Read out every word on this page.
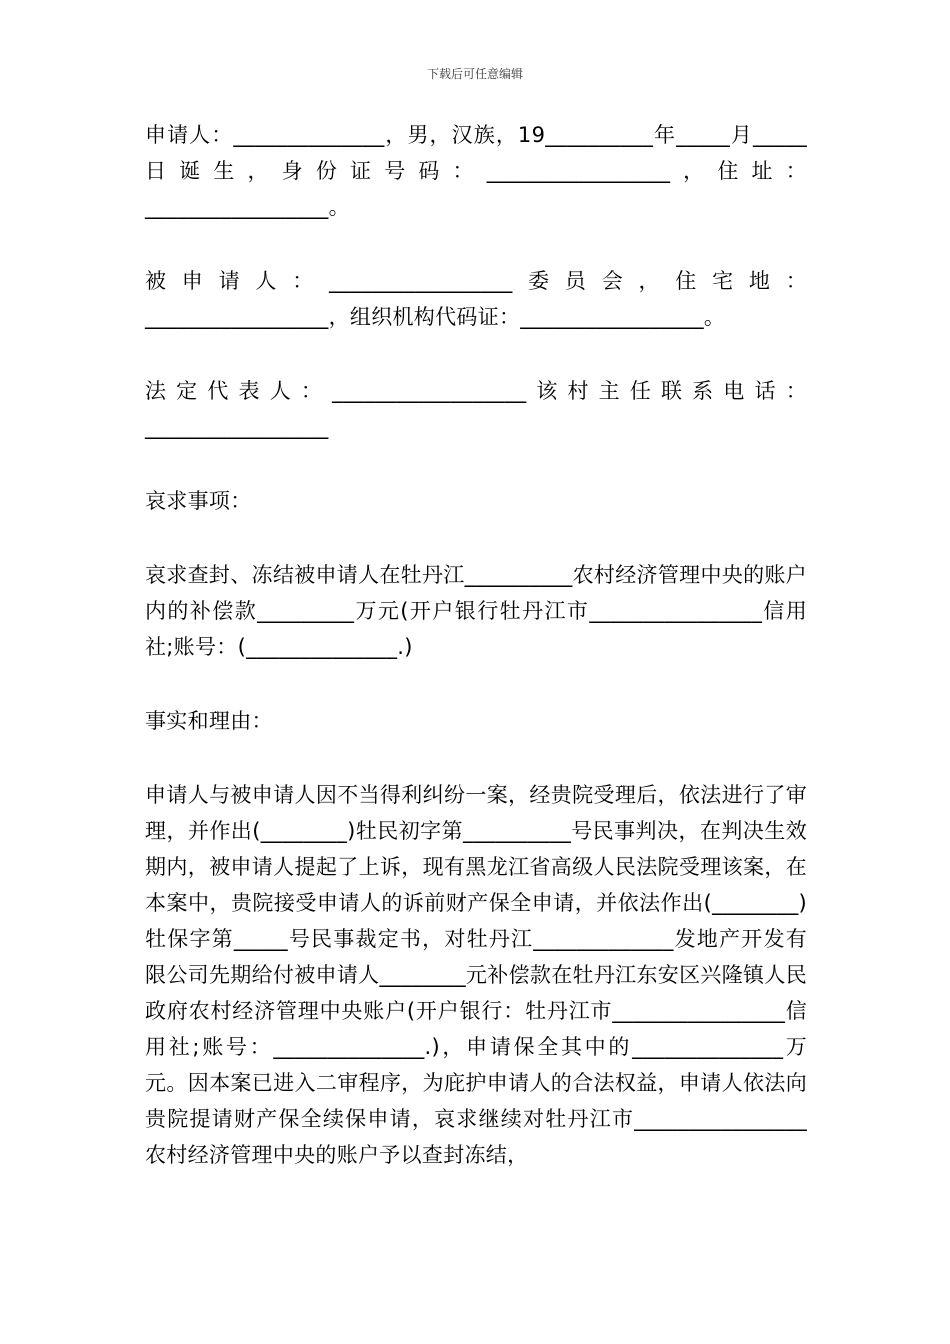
下载后可任意编辑

申请人：______________，男，汉族，19__________年_____月_____日诞生，身份证号码：_________________，住址：_________________。

被申请人：_________________委员会，住宅地：_________________，组织机构代码证：_________________。

法定代表人：__________________该村主任联系电话：_________________

哀求事项：

哀求查封、冻结被申请人在牡丹江__________农村经济管理中央的账户内的补偿款_________万元(开户银行牡丹江市________________信用社;账号：(______________.)

事实和理由：

申请人与被申请人因不当得利纠纷一案，经贵院受理后，依法进行了审理，并作出(________)牡民初字第__________号民事判决，在判决生效期内，被申请人提起了上诉，现有黑龙江省高级人民法院受理该案，在本案中，贵院接受申请人的诉前财产保全申请，并依法作出(________)牡保字第_____号民事裁定书，对牡丹江_____________发地产开发有限公司先期给付被申请人________元补偿款在牡丹江东安区兴隆镇人民政府农村经济管理中央账户(开户银行：牡丹江市________________信用社;账号：______________.)，申请保全其中的______________万元。因本案已进入二审程序，为庇护申请人的合法权益，申请人依法向贵院提请财产保全续保申请，哀求继续对牡丹江市________________农村经济管理中央的账户予以查封冻结，
